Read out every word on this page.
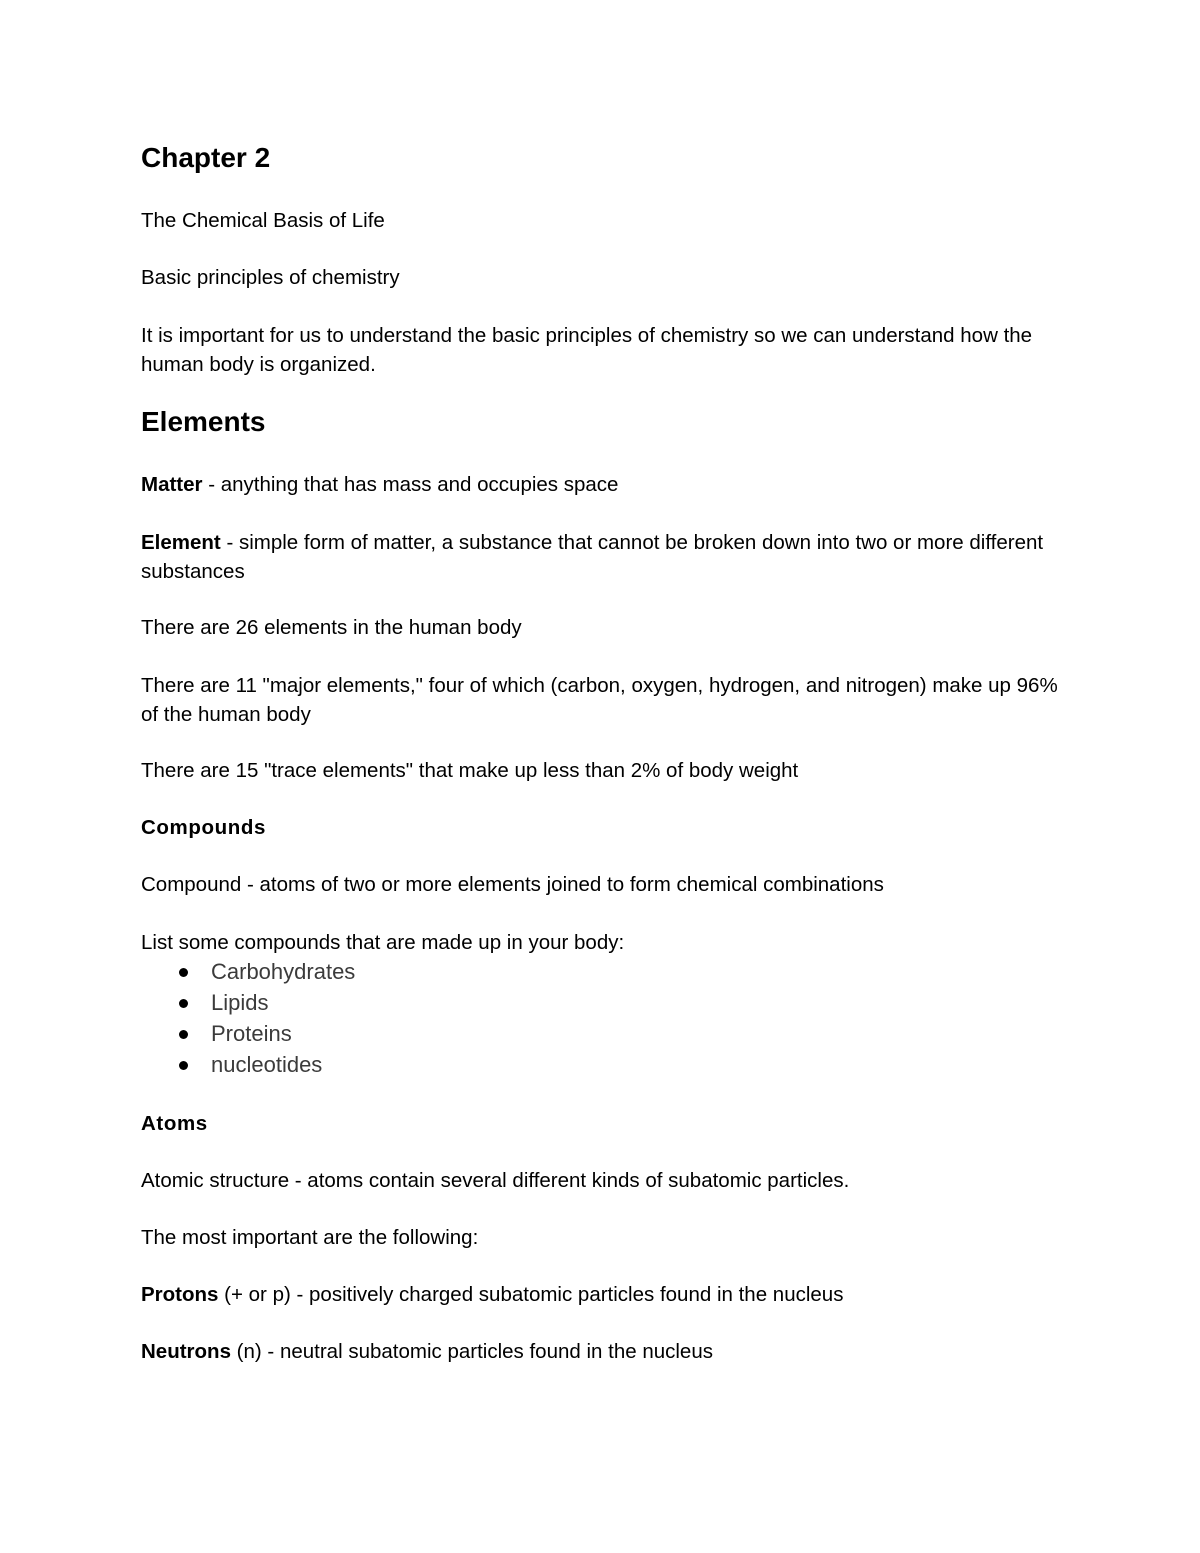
Chapter 2

The Chemical Basis of Life

Basic principles of chemistry

It is important for us to understand the basic principles of chemistry so we can understand how the human body is organized.

Elements

Matter - anything that has mass and occupies space

Element - simple form of matter, a substance that cannot be broken down into two or more different substances

There are 26 elements in the human body

There are 11 "major elements," four of which (carbon, oxygen, hydrogen, and nitrogen) make up 96% of the human body

There are 15 "trace elements" that make up less than 2% of body weight

Compounds

Compound - atoms of two or more elements joined to form chemical combinations

List some compounds that are made up in your body:

Carbohydrates
Lipids
Proteins
nucleotides
Atoms

Atomic structure - atoms contain several different kinds of subatomic particles.

The most important are the following:

Protons (+ or p) - positively charged subatomic particles found in the nucleus

Neutrons (n) - neutral subatomic particles found in the nucleus
